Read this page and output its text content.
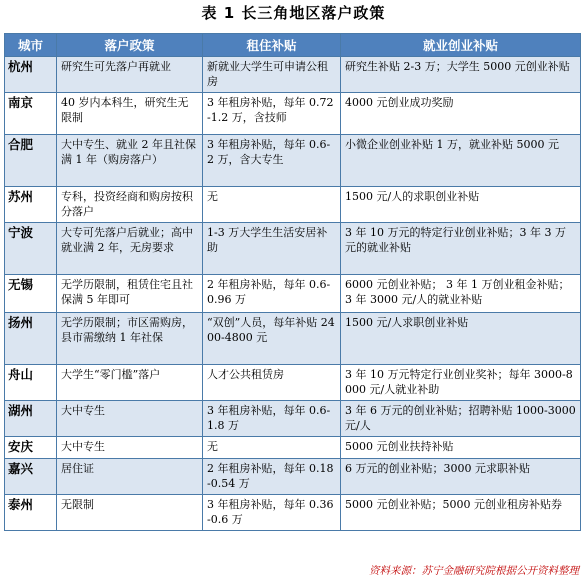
表 1 长三角地区落户政策
城市	落户政策	租住补贴	就业创业补贴
杭州	研究生可先落户再就业	新就业大学生可申请公租房	研究生补贴 2-3 万；大学生 5000 元创业补贴
南京	40 岁内本科生，研究生无限制	3 年租房补贴，每年 0.72-1.2 万，含技师	4000 元创业成功奖励
合肥	大中专生、就业 2 年且社保满 1 年（购房落户）	3 年租房补贴，每年 0.6-2 万，含大专生	小微企业创业补贴 1 万，就业补贴 5000 元
苏州	专科，投资经商和购房按积分落户	无	1500 元/人的求职创业补贴
宁波	大专可先落户后就业；高中就业满 2 年，无房要求	1-3 万大学生生活安居补助	3 年 10 万元的特定行业创业补贴；3 年 3 万元的就业补贴
无锡	无学历限制，租赁住宅且社保满 5 年即可	2 年租房补贴，每年 0.6-0.96 万	6000 元创业补贴； 3 年 1 万创业租金补贴；3 年 3000 元/人的就业补贴
扬州	无学历限制；市区需购房，县市需缴纳 1 年社保	“双创”人员，每年补贴 2400-4800 元	1500 元/人求职创业补贴
舟山	大学生“零门槛”落户	人才公共租赁房	3 年 10 万元特定行业创业奖补；每年 3000-8000 元/人就业补助
湖州	大中专生	3 年租房补贴，每年 0.6-1.8 万	3 年 6 万元的创业补贴；招聘补贴 1000-3000 元/人
安庆	大中专生	无	5000 元创业扶持补贴
嘉兴	居住证	2 年租房补贴，每年 0.18-0.54 万	6 万元的创业补贴；3000 元求职补贴
泰州	无限制	3 年租房补贴，每年 0.36-0.6 万	5000 元创业补贴；5000 元创业租房补贴券
资料来源：苏宁金融研究院根据公开资料整理
